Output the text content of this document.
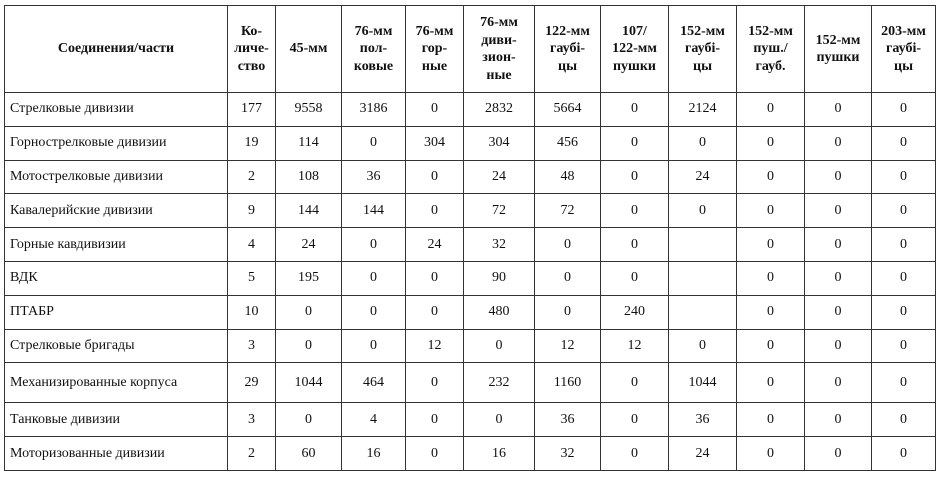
Соединения/части	Ко-
личе-
ство	45-мм	76-мм
пол-
ковые	76-мм
гор-
ные	76-мм
диви-
зион-
ные	122-мм
гаубі-
цы	107/
122-мм
пушки	152-мм
гаубі-
цы	152-мм
пуш./
гауб.	152-мм
пушки	203-мм
гаубі-
цы

Стрелковые дивизии	177	9558	3186	0	2832	5664	0	2124	0	0	0
Горнострелковые дивизии	19	114	0	304	304	456	0	0	0	0	0
Мотострелковые дивизии	2	108	36	0	24	48	0	24	0	0	0
Кавалерийские дивизии	9	144	144	0	72	72	0	0	0	0	0
Горные кавдивизии	4	24	0	24	32	0	0		0	0	0
ВДК	5	195	0	0	90	0	0		0	0	0
ПТАБР	10	0	0	0	480	0	240		0	0	0
Стрелковые бригады	3	0	0	12	0	12	12	0	0	0	0
Механизированные корпуса	29	1044	464	0	232	1160	0	1044	0	0	0
Танковые дивизии	3	0	4	0	0	36	0	36	0	0	0
Моторизованные дивизии	2	60	16	0	16	32	0	24	0	0	0
